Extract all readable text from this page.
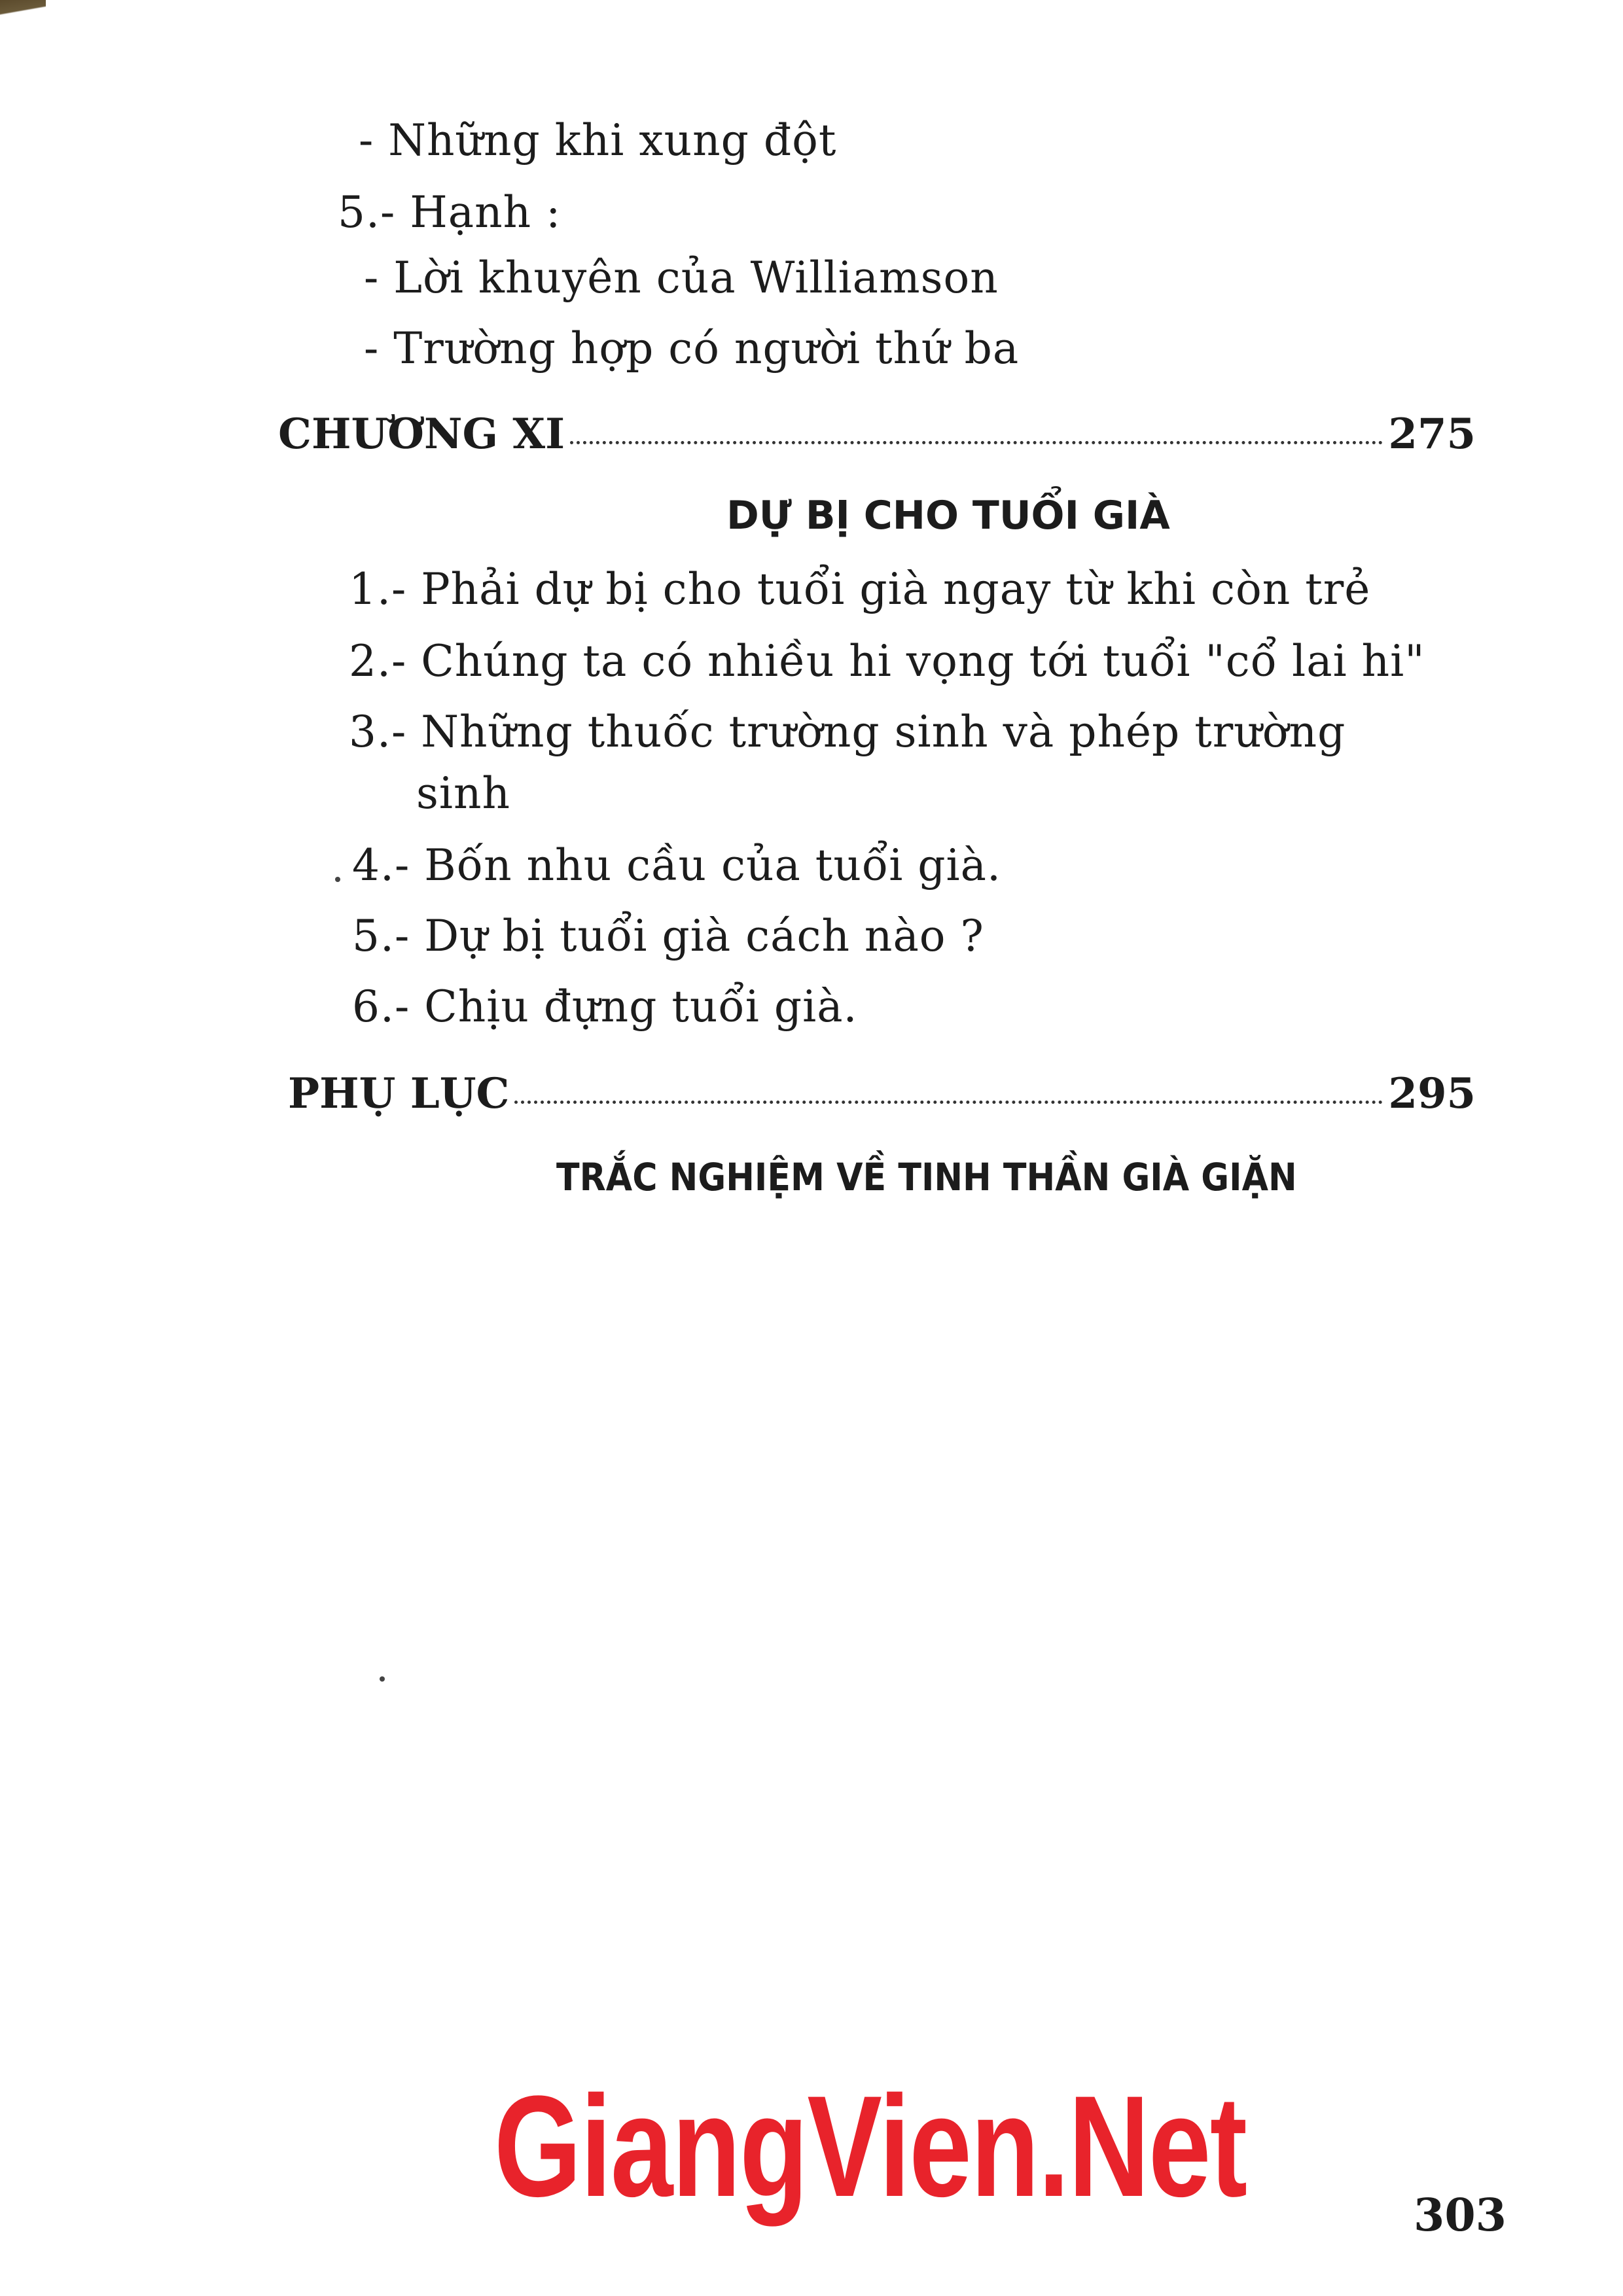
- Những khi xung đột
5.- Hạnh :
- Lời khuyên của Williamson
- Trường hợp có người thứ ba
CHƯƠNG XI	275
DỰ BỊ CHO TUỔI GIÀ
1.- Phải dự bị cho tuổi già ngay từ khi còn trẻ
2.- Chúng ta có nhiều hi vọng tới tuổi "cổ lai hi"
3.- Những thuốc trường sinh và phép trường
sinh
4.- Bốn nhu cầu của tuổi già.
5.- Dự bị tuổi già cách nào ?
6.- Chịu đựng tuổi già.
PHỤ LỤC	295
TRẮC NGHIỆM VỀ TINH THẦN GIÀ GIẶN
GiangVien.Net	303
